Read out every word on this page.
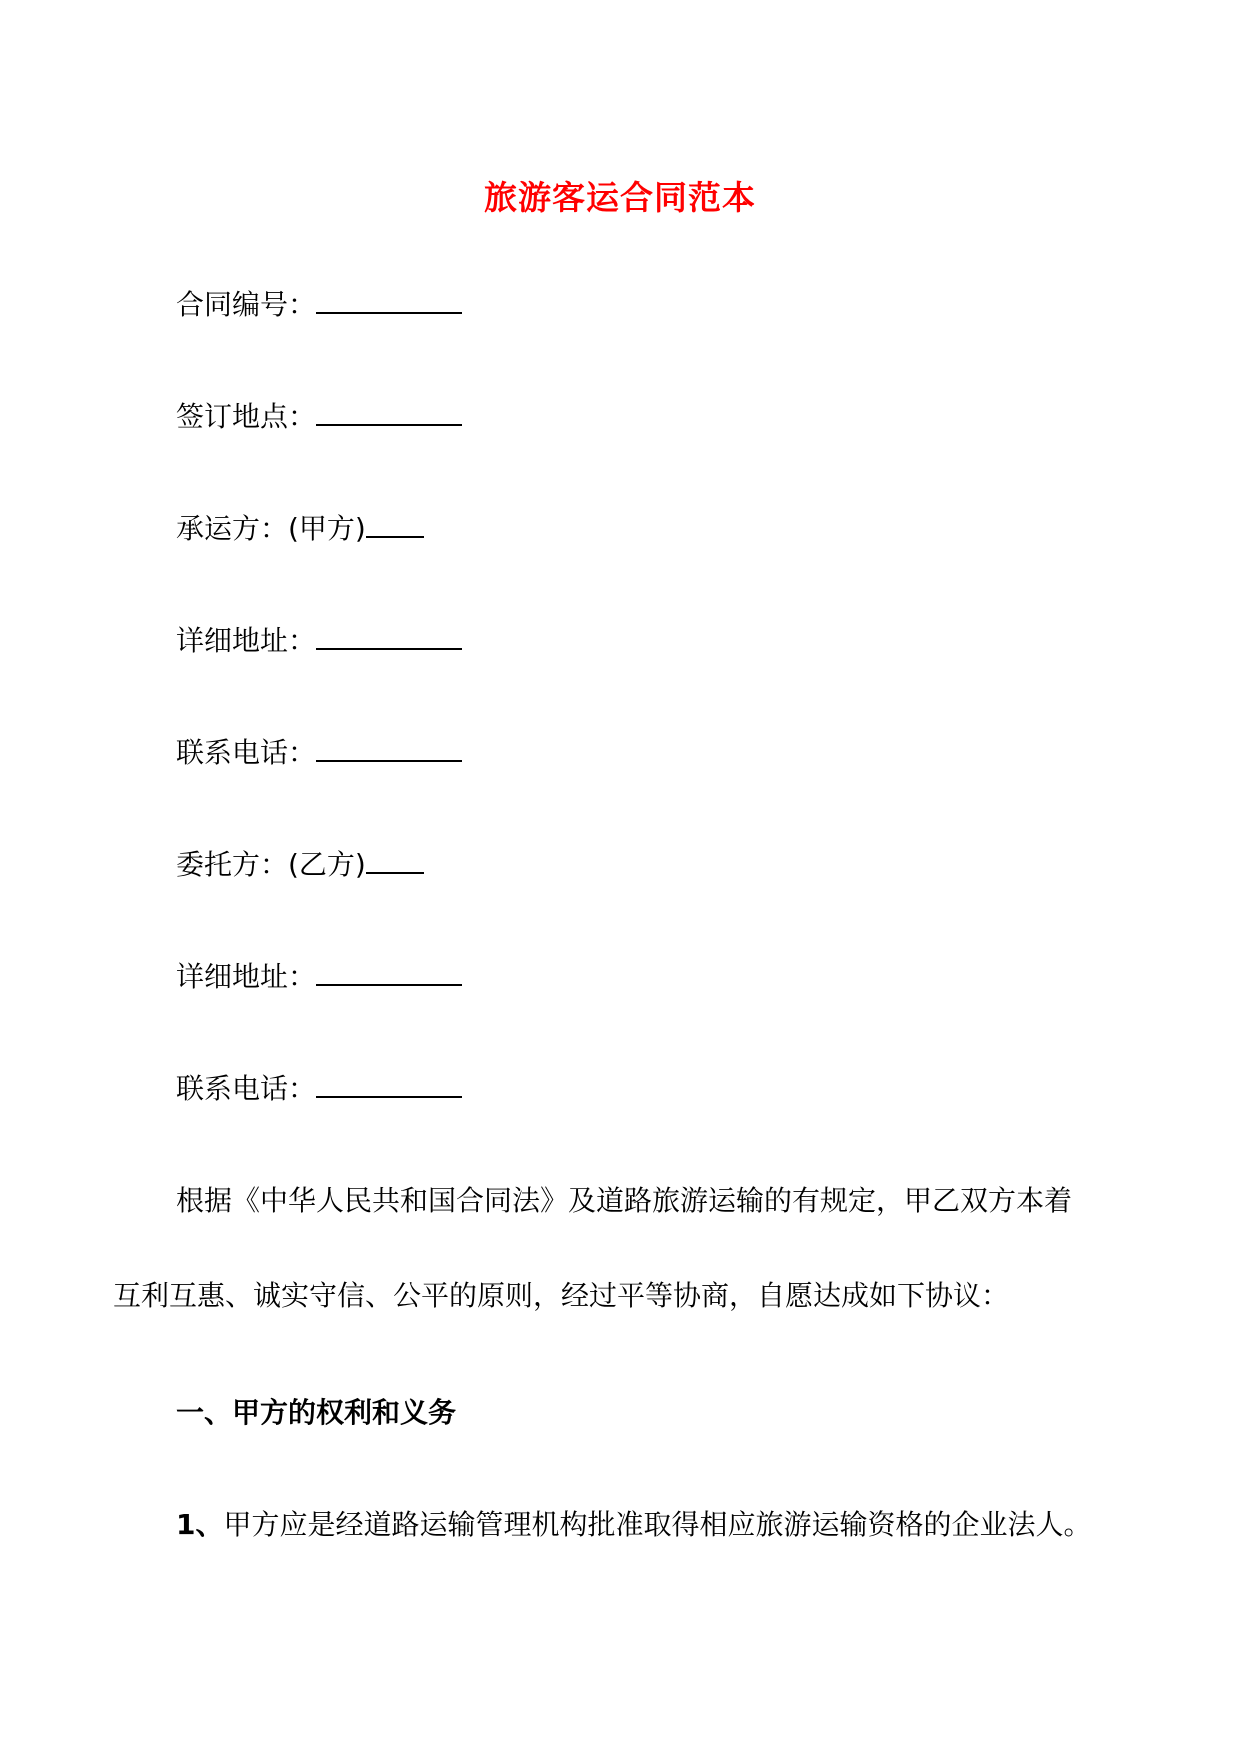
旅游客运合同范本
合同编号：
签订地点：
承运方：(甲方)
详细地址：
联系电话：
委托方：(乙方)
详细地址：
联系电话：
根据《中华人民共和国合同法》及道路旅游运输的有规定，甲乙双方本着
互利互惠、诚实守信、公平的原则，经过平等协商，自愿达成如下协议：
一、甲方的权利和义务
1、甲方应是经道路运输管理机构批准取得相应旅游运输资格的企业法人。
